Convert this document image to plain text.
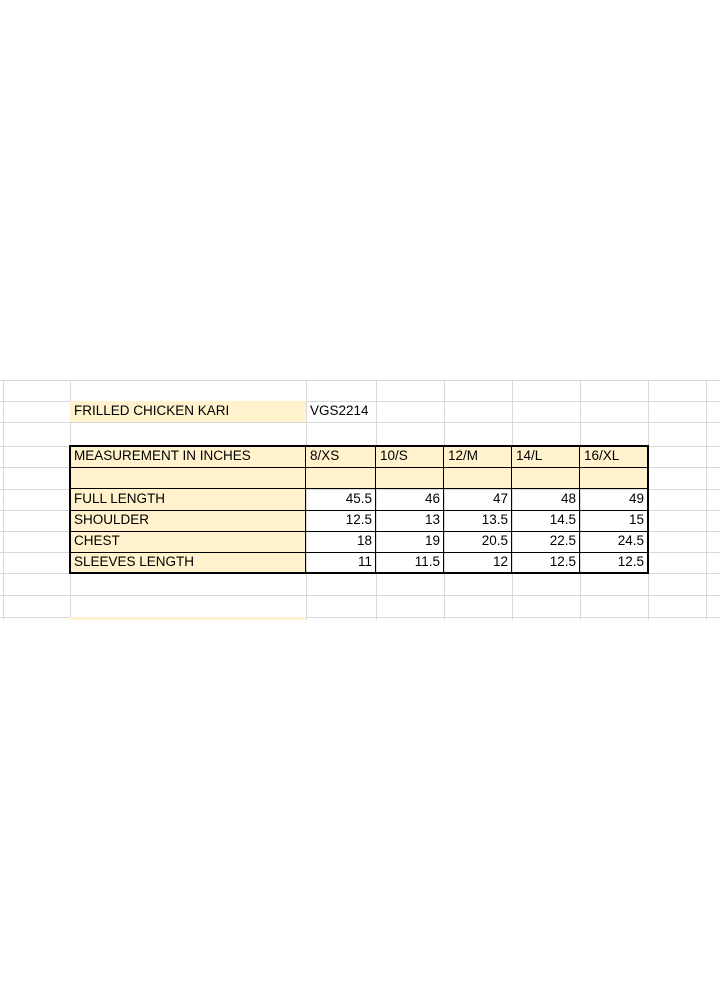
FRILLED CHICKEN KARI	VGS2214
MEASUREMENT IN INCHES	8/XS	10/S	12/M	14/L	16/XL
FULL LENGTH	45.5	46	47	48	49
SHOULDER	12.5	13	13.5	14.5	15
CHEST	18	19	20.5	22.5	24.5
SLEEVES LENGTH	11	11.5	12	12.5	12.5
